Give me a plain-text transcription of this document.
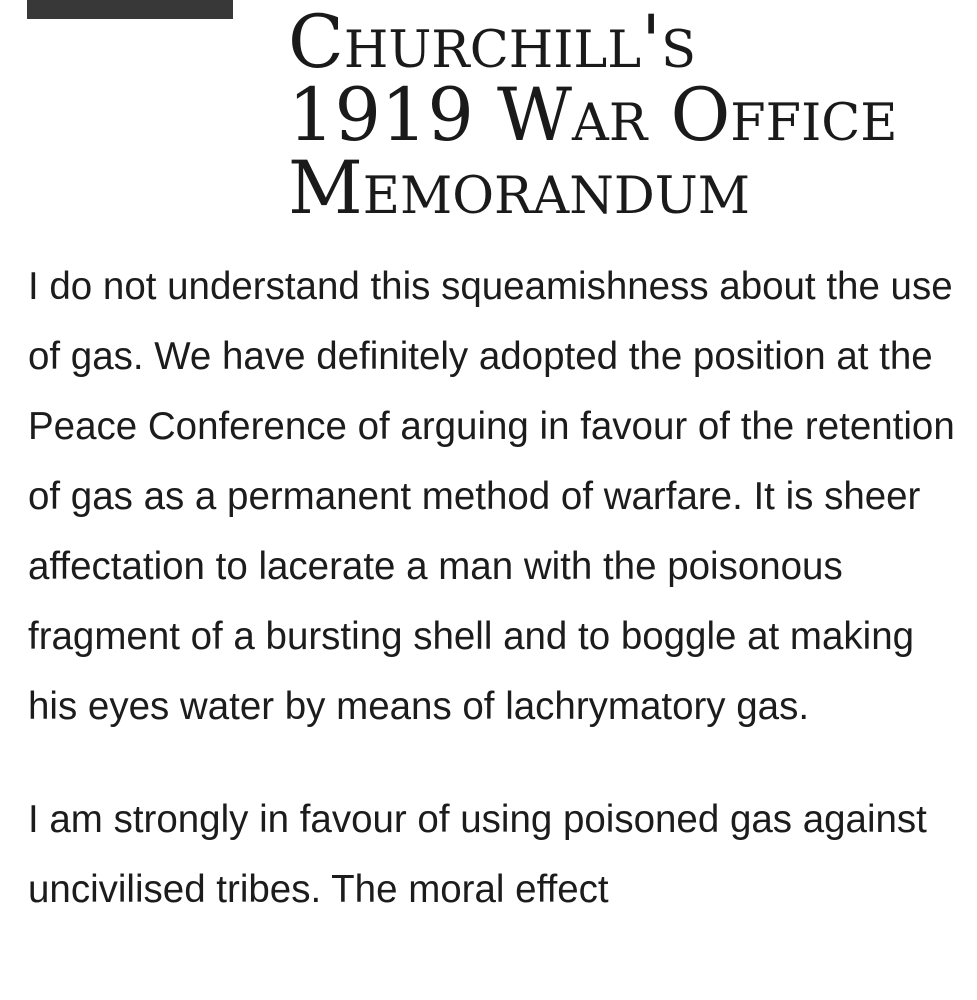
Churchill's
1919 War Office
Memorandum

I do not understand this squeamishness about the use of gas. We have definitely adopted the position at the Peace Conference of arguing in favour of the retention of gas as a permanent method of warfare. It is sheer affectation to lacerate a man with the poisonous fragment of a bursting shell and to boggle at making his eyes water by means of lachrymatory gas.

I am strongly in favour of using poisoned gas against uncivilised tribes. The moral effect
